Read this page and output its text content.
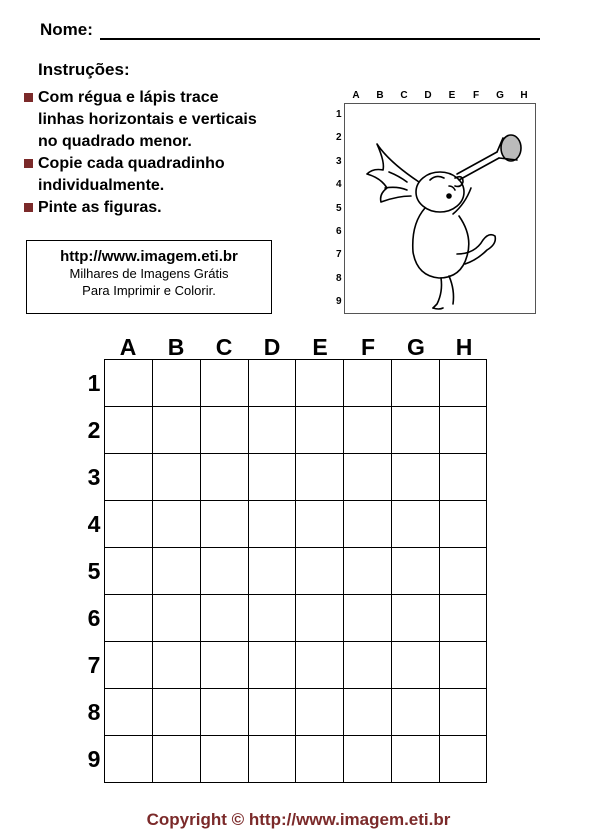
Nome:
Instruções:
Com régua e lápis trace
linhas horizontais e verticais
no quadrado menor.
Copie cada quadradinho
individualmente.
Pinte as figuras.
http://www.imagem.eti.br
Milhares de Imagens Grátis
Para Imprimir e Colorir.
A	B	C	D	E	F	G	H
1
2
3
4
5
6
7
8
9
A	B	C	D	E	F	G	H
1
2
3
4
5
6
7
8
9
Copyright © http://www.imagem.eti.br
